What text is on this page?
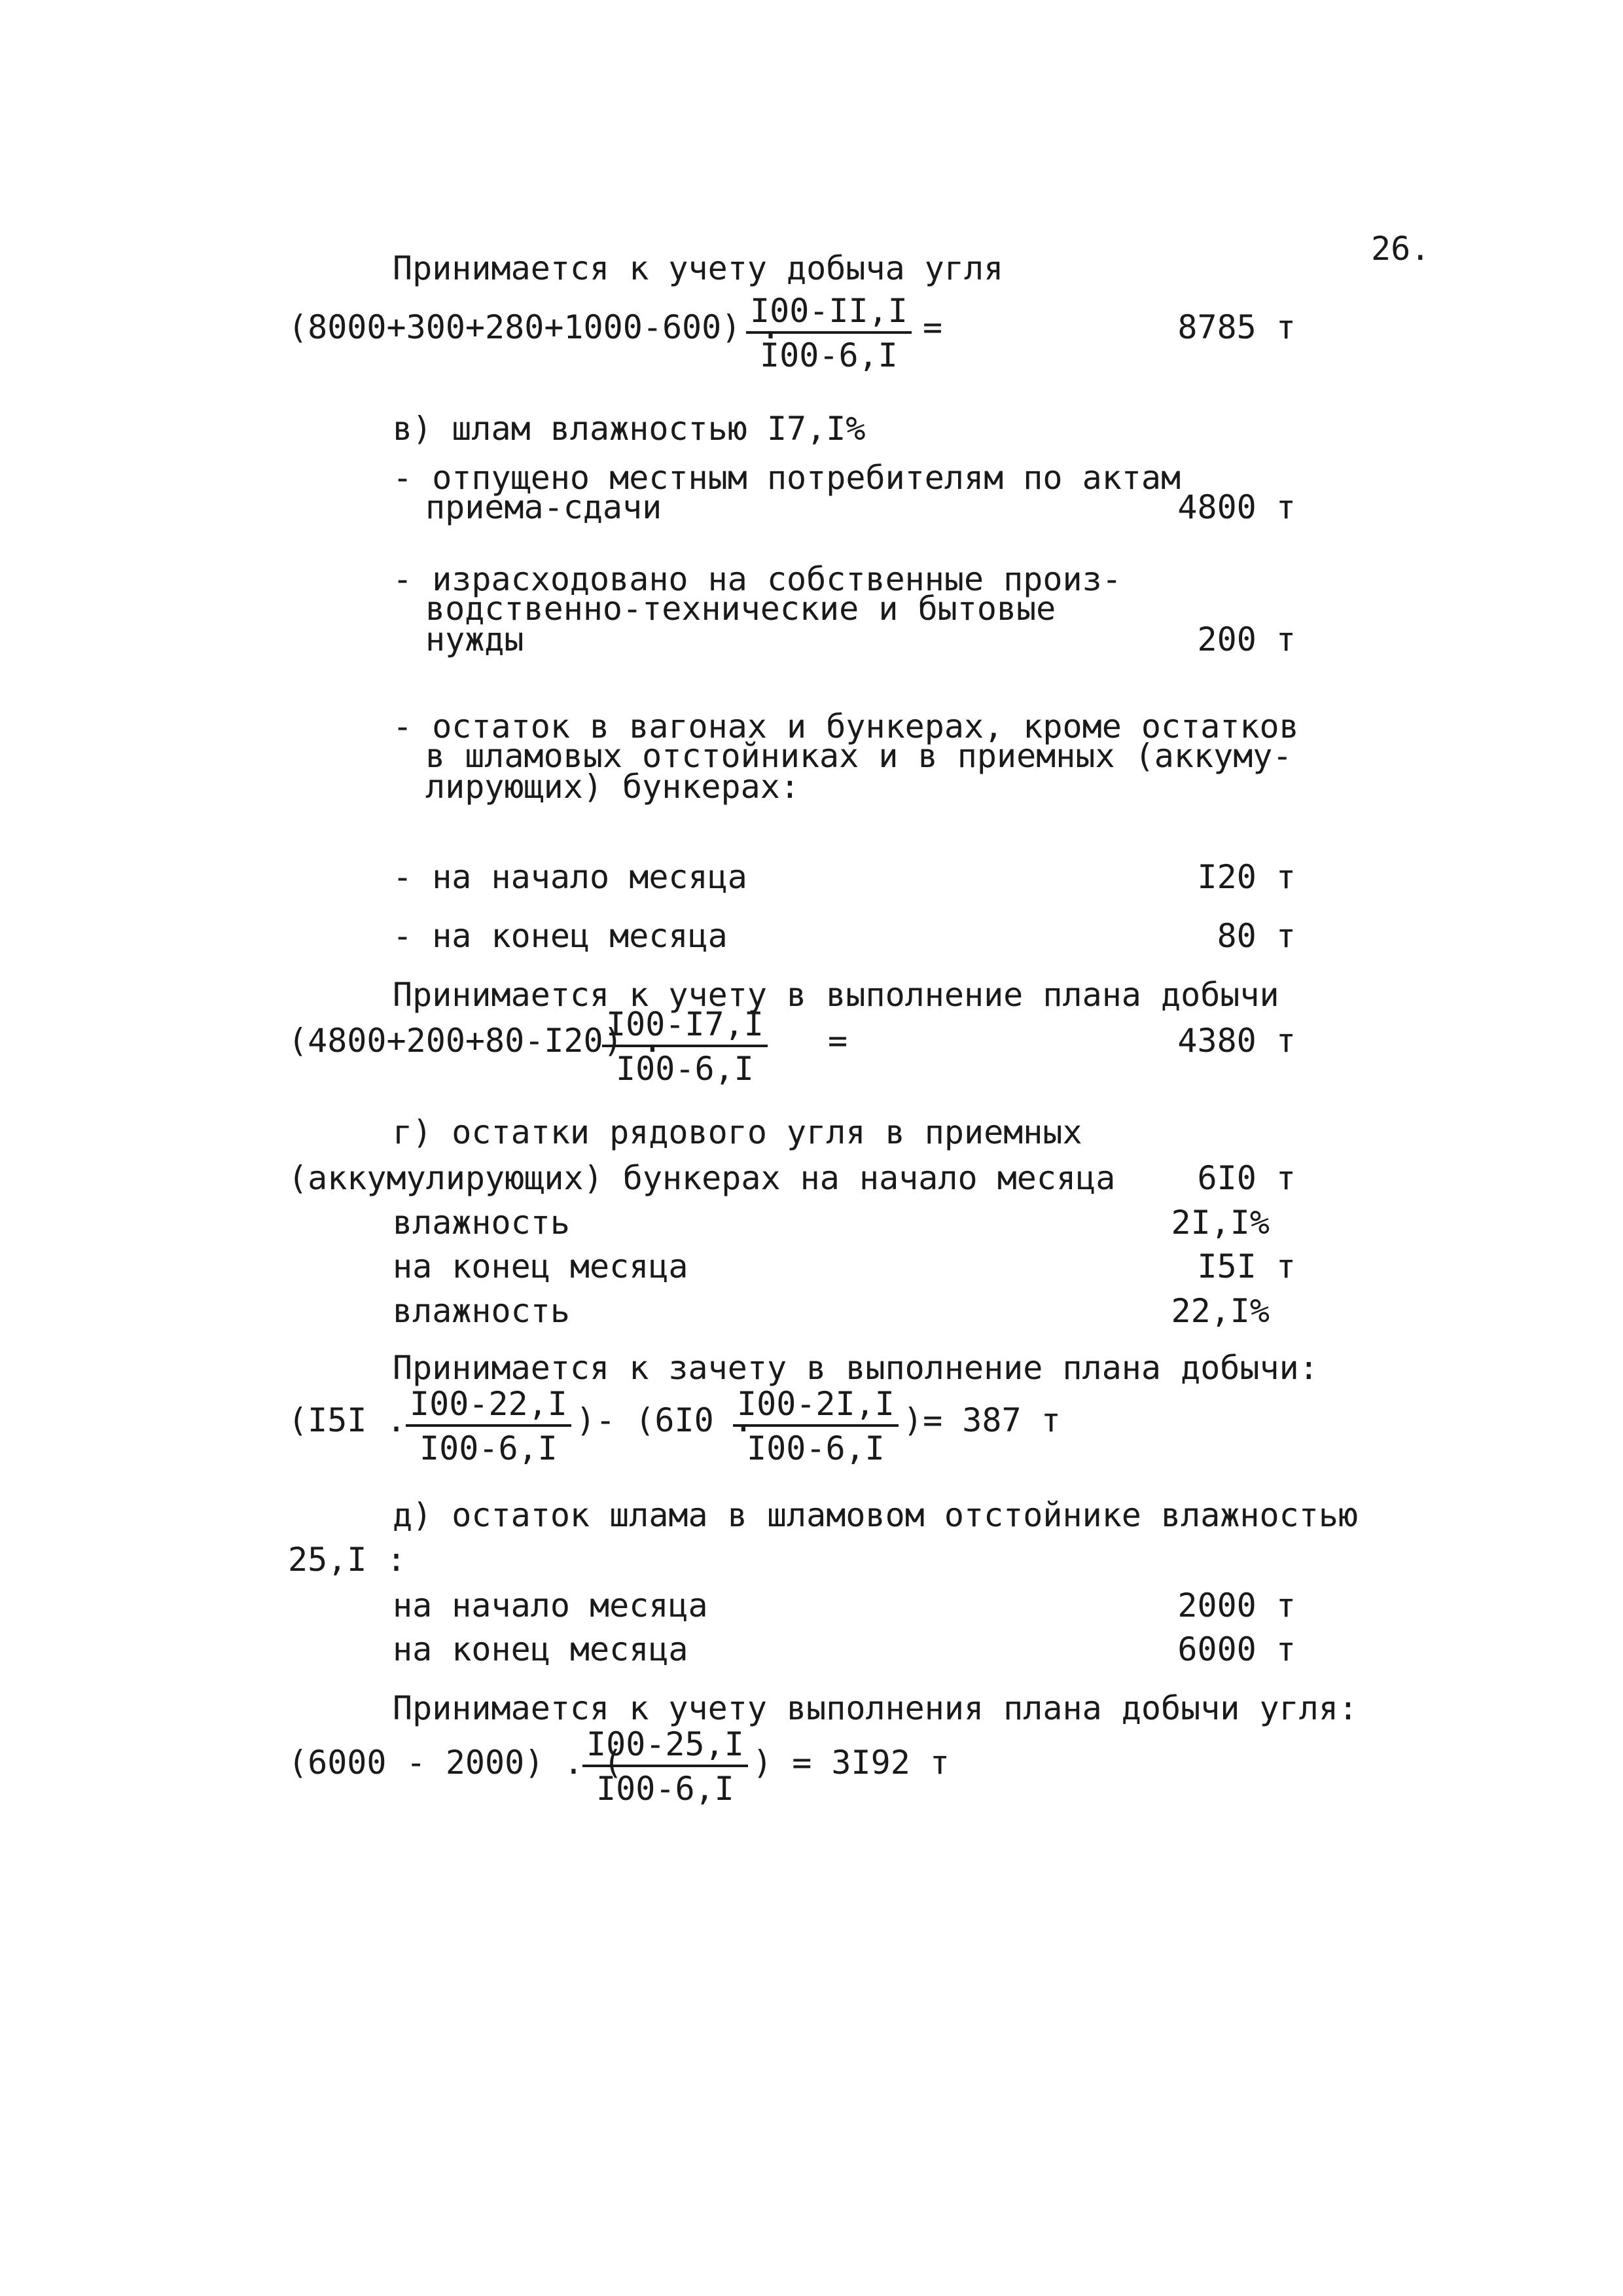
26.
Принимается к учету добыча угля
(8000+300+280+1000-600) .
$\frac{I00-II,I}{I00-6,I}$ =	8785 т
в) шлам влажностью I7,I%
- отпущено местным потребителям по актам
приема-сдачи	4800 т
- израсходовано на собственные произ-
водственно-технические и бытовые
нужды	200 т
- остаток в вагонах и бункерах, кроме остатков
в шламовых отстойниках и в приемных (аккуму-
лирующих) бункерах:
- на начало месяца	I20 т
- на конец месяца	80 т
Принимается к учету в выполнение плана добычи
(4800+200+80-I20) .
$\frac{I00-I7,I}{I00-6,I}$ =	4380 т
г) остатки рядового угля в приемных
(аккумулирующих) бункерах на начало месяца	6I0 т
влажность	2I,I%
на конец месяца	I5I т
влажность	22,I%
Принимается к зачету в выполнение плана добычи:
(I5I . $\frac{I00-22,I}{I00-6,I}$ )- (6I0 .
$\frac{I00-2I,I}{I00-6,I}$ )= 387 т
д) остаток шлама в шламовом отстойнике влажностью
25,I :
на начало месяца	2000 т
на конец месяца	6000 т
Принимается к учету выполнения плана добычи угля:
(6000 - 2000) . (
$\frac{I00-25,I}{I00-6,I}$ ) = 3I92 т
